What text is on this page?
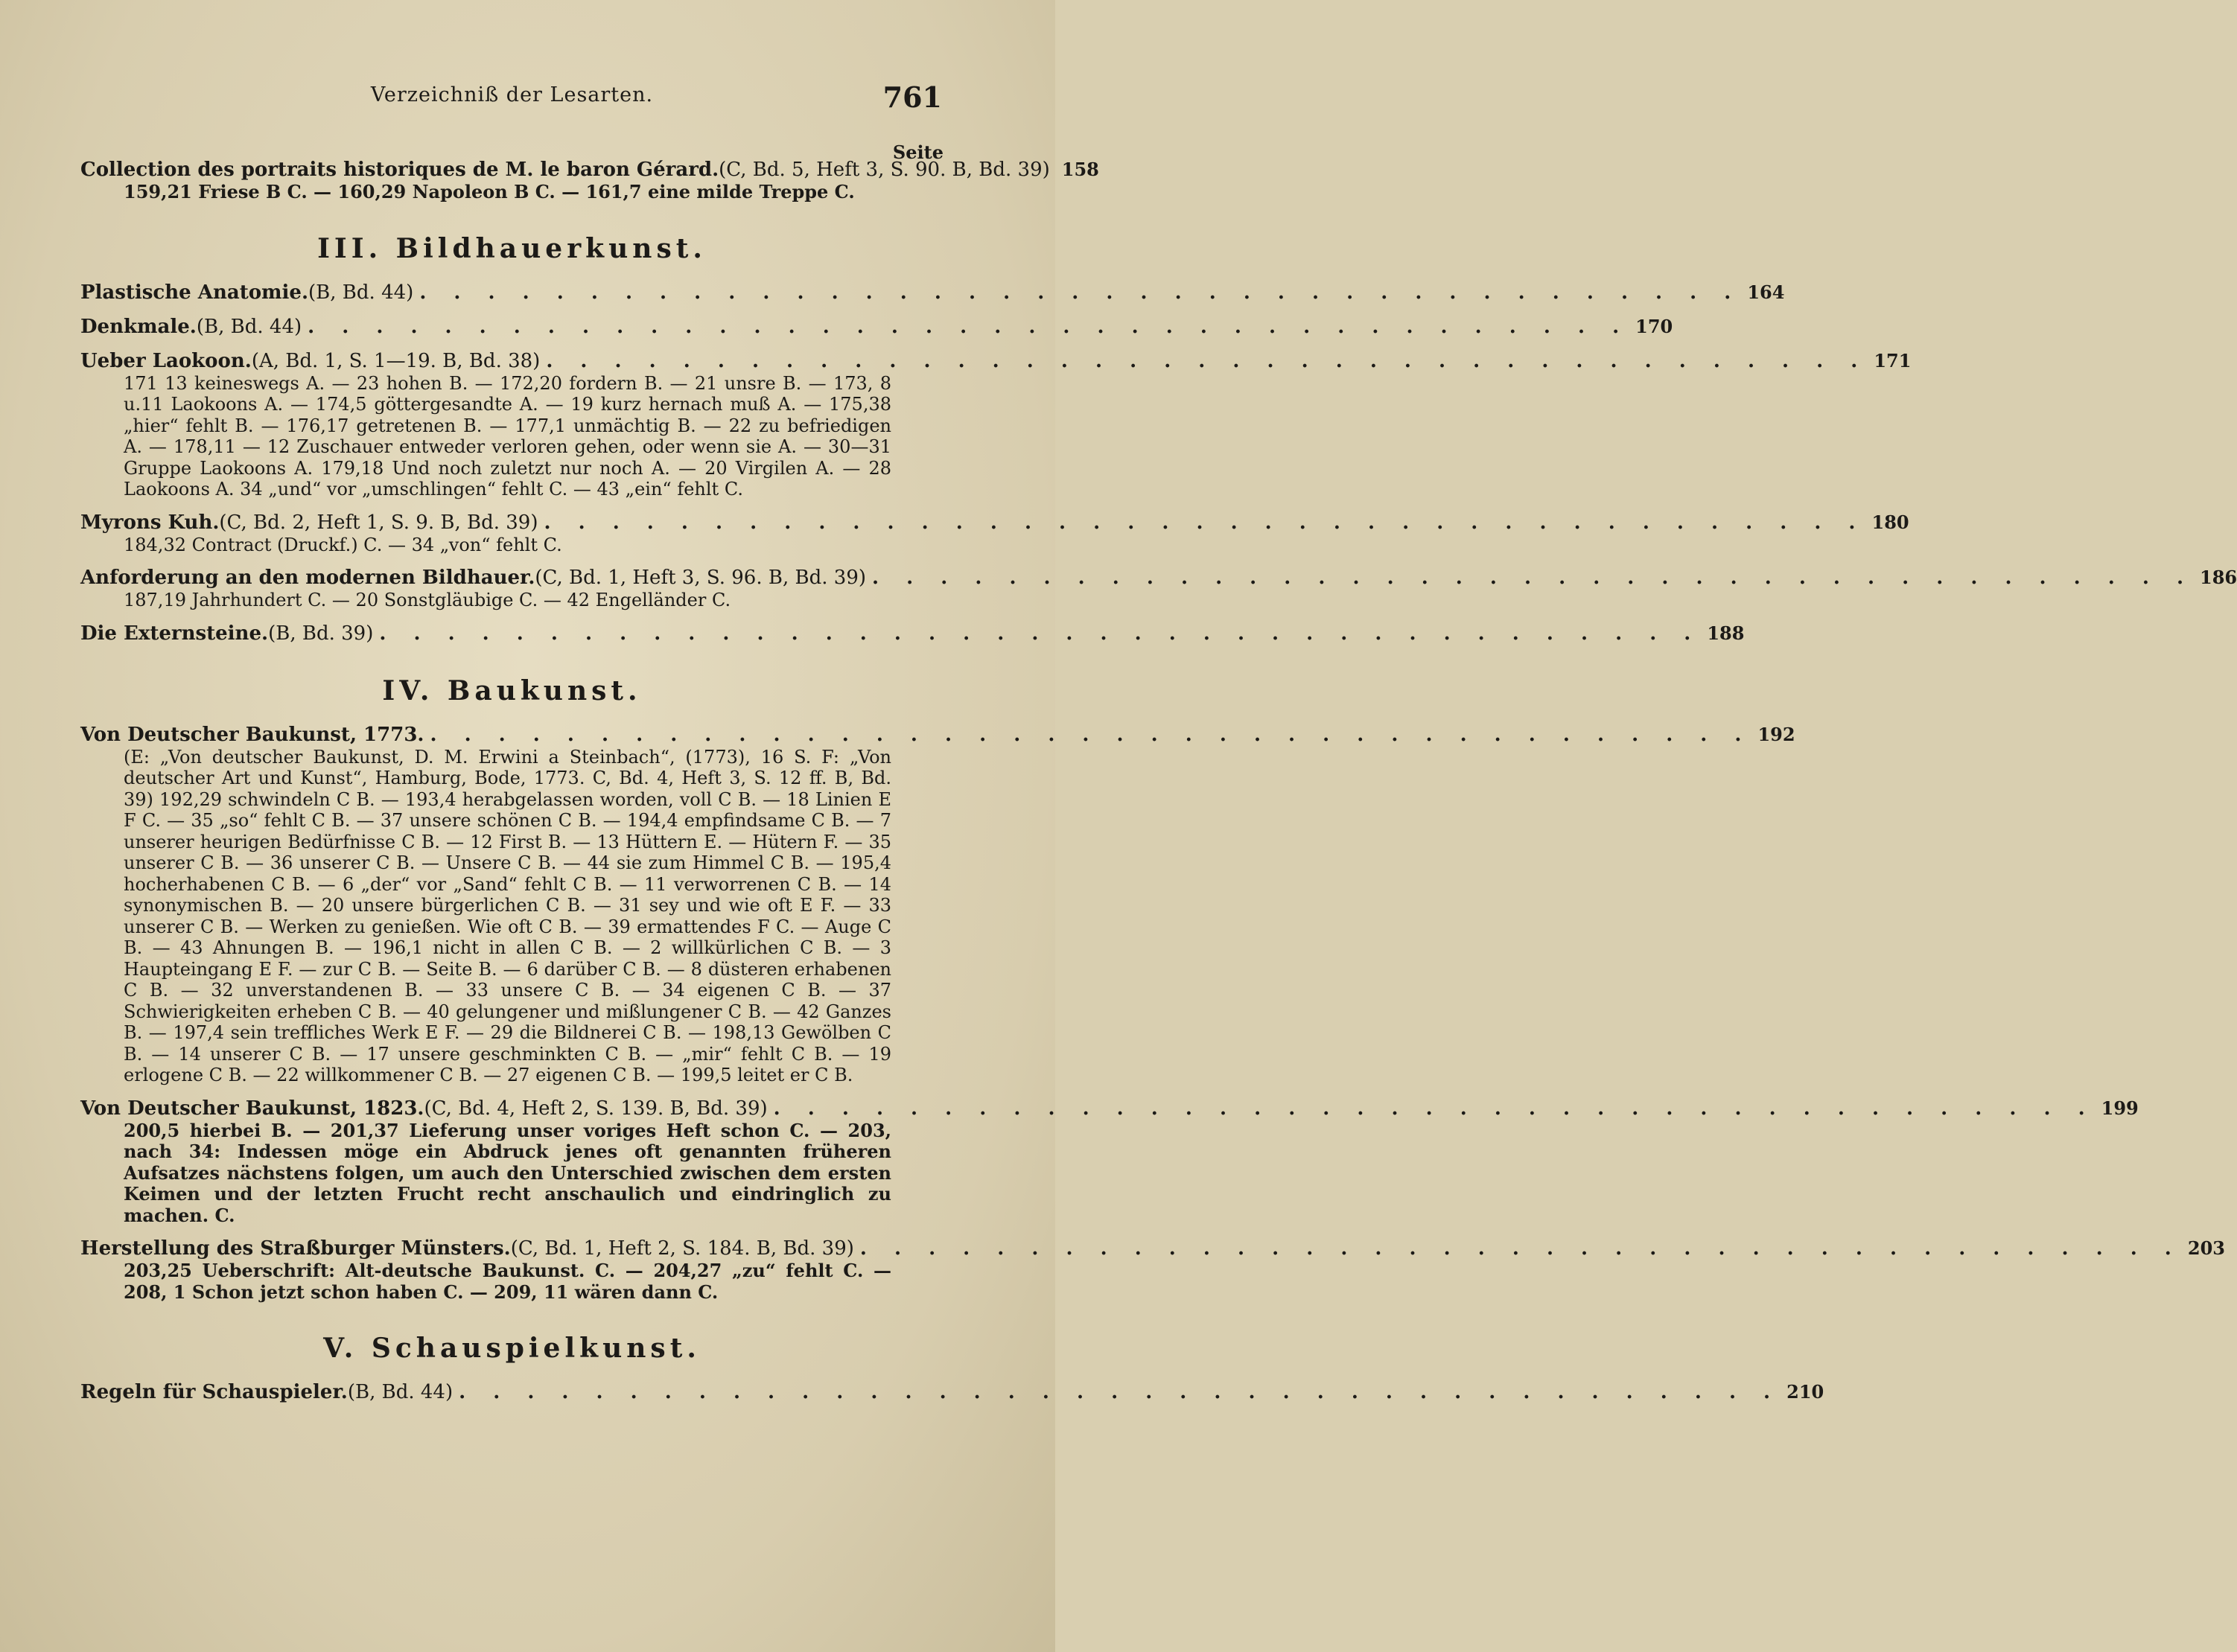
Verzeichniß der Lesarten.	761
Seite
Collection des portraits historiques de M. le baron Gérard. (C, Bd. 5, Heft 3, S. 90. B, Bd. 39) 158
159,21 Friese B C. — 160,29 Napoleon B C. — 161,7 eine milde Treppe C.
III. Bildhauerkunst.
Plastische Anatomie. (B, Bd. 44) . . . . . . . . . . . . . . . . . . . . . . . . . . . . . . . . . . . . . . . 164
Denkmale. (B, Bd. 44) . . . . . . . . . . . . . . . . . . . . . . . . . . . . . . . . . . . . . . . 170
Ueber Laokoon. (A, Bd. 1, S. 1—19. B, Bd. 38) . . . . . . . . . . . . . . . . . . . . . . . . . . . . . . . . . . . . . . . 171
171 13 keineswegs A. — 23 hohen B. — 172,20 fordern B. — 21 unsre B. — 173, 8 u.11 Laokoons A. — 174,5 göttergesandte A. — 19 kurz hernach muß A. — 175,38 „hier“ fehlt B. — 176,17 getretenen B. — 177,1 unmächtig B. — 22 zu befriedigen A. — 178,11 — 12 Zuschauer entweder verloren gehen, oder wenn sie A. — 30—31 Gruppe Laokoons A. 179,18 Und noch zuletzt nur noch A. — 20 Virgilen A. — 28 Laokoons A. 34 „und“ vor „umschlingen“ fehlt C. — 43 „ein“ fehlt C.
Myrons Kuh. (C, Bd. 2, Heft 1, S. 9. B, Bd. 39) . . . . . . . . . . . . . . . . . . . . . . . . . . . . . . . . . . . . . . . 180
184,32 Contract (Druckf.) C. — 34 „von“ fehlt C.
Anforderung an den modernen Bildhauer. (C, Bd. 1, Heft 3, S. 96. B, Bd. 39) . . . . . . . . . . . . . . . . . . . . . . . . . . . . . . . . . . . . . . . 186
187,19 Jahrhundert C. — 20 Sonstgläubige C. — 42 Engelländer C.
Die Externsteine. (B, Bd. 39) . . . . . . . . . . . . . . . . . . . . . . . . . . . . . . . . . . . . . . . 188
IV. Baukunst.
Von Deutscher Baukunst, 1773. . . . . . . . . . . . . . . . . . . . . . . . . . . . . . . . . . . . . . . . 192
(E: „Von deutscher Baukunst, D. M. Erwini a Steinbach“, (1773), 16 S. F: „Von deutscher Art und Kunst“, Hamburg, Bode, 1773. C, Bd. 4, Heft 3, S. 12 ff. B, Bd. 39) 192,29 schwindeln C B. — 193,4 herabgelassen worden, voll C B. — 18 Linien E F C. — 35 „so“ fehlt C B. — 37 unsere schönen C B. — 194,4 empfindsame C B. — 7 unserer heurigen Bedürfnisse C B. — 12 First B. — 13 Hüttern E. — Hütern F. — 35 unserer C B. — 36 unserer C B. — Unsere C B. — 44 sie zum Himmel C B. — 195,4 hocherhabenen C B. — 6 „der“ vor „Sand“ fehlt C B. — 11 verworrenen C B. — 14 synonymischen B. — 20 unsere bürgerlichen C B. — 31 sey und wie oft E F. — 33 unserer C B. — Werken zu genießen. Wie oft C B. — 39 ermattendes F C. — Auge C B. — 43 Ahnungen B. — 196,1 nicht in allen C B. — 2 willkürlichen C B. — 3 Haupteingang E F. — zur C B. — Seite B. — 6 darüber C B. — 8 düsteren erhabenen C B. — 32 unverstandenen B. — 33 unsere C B. — 34 eigenen C B. — 37 Schwierigkeiten erheben C B. — 40 gelungener und mißlungener C B. — 42 Ganzes B. — 197,4 sein treffliches Werk E F. — 29 die Bildnerei C B. — 198,13 Gewölben C B. — 14 unserer C B. — 17 unsere geschminkten C B. — „mir“ fehlt C B. — 19 erlogene C B. — 22 willkommener C B. — 27 eigenen C B. — 199,5 leitet er C B.
Von Deutscher Baukunst, 1823. (C, Bd. 4, Heft 2, S. 139. B, Bd. 39) . . . . . . . . . . . . . . . . . . . . . . . . . . . . . . . . . . . . . . . 199
200,5 hierbei B. — 201,37 Lieferung unser voriges Heft schon C. — 203, nach 34: Indessen möge ein Abdruck jenes oft genannten früheren Aufsatzes nächstens folgen, um auch den Unterschied zwischen dem ersten Keimen und der letzten Frucht recht anschaulich und eindringlich zu machen. C.
Herstellung des Straßburger Münsters. (C, Bd. 1, Heft 2, S. 184. B, Bd. 39) . . . . . . . . . . . . . . . . . . . . . . . . . . . . . . . . . . . . . . . 203
203,25 Ueberschrift: Alt-deutsche Baukunst. C. — 204,27 „zu“ fehlt C. — 208, 1 Schon jetzt schon haben C. — 209, 11 wären dann C.
V. Schauspielkunst.
Regeln für Schauspieler. (B, Bd. 44) . . . . . . . . . . . . . . . . . . . . . . . . . . . . . . . . . . . . . . . 210
